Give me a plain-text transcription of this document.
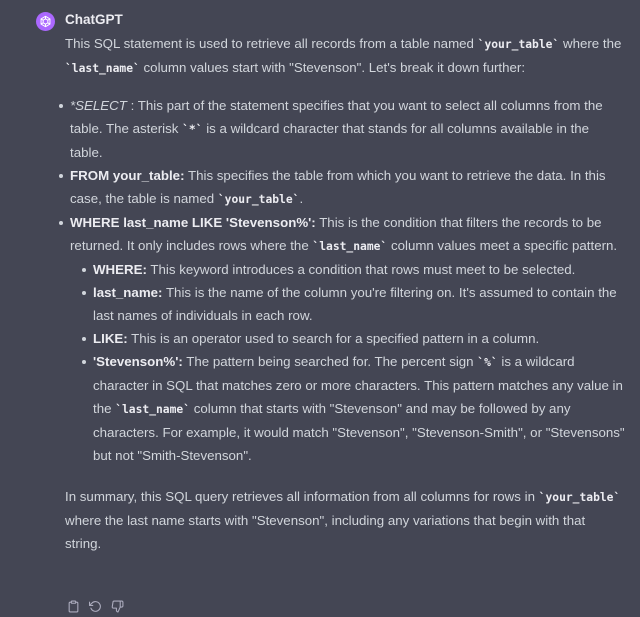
ChatGPT

This SQL statement is used to retrieve all records from a table named `your_table` where the `last_name` column values start with "Stevenson". Let's break it down further:

*SELECT : This part of the statement specifies that you want to select all columns from the table. The asterisk `*` is a wildcard character that stands for all columns available in the table.
FROM your_table: This specifies the table from which you want to retrieve the data. In this case, the table is named `your_table`.
WHERE last_name LIKE 'Stevenson%': This is the condition that filters the records to be returned. It only includes rows where the `last_name` column values meet a specific pattern.
WHERE: This keyword introduces a condition that rows must meet to be selected.
last_name: This is the name of the column you're filtering on. It's assumed to contain the last names of individuals in each row.
LIKE: This is an operator used to search for a specified pattern in a column.
'Stevenson%': The pattern being searched for. The percent sign `%` is a wildcard character in SQL that matches zero or more characters. This pattern matches any value in the `last_name` column that starts with "Stevenson" and may be followed by any characters. For example, it would match "Stevenson", "Stevenson-Smith", or "Stevensons" but not "Smith-Stevenson".

In summary, this SQL query retrieves all information from all columns for rows in `your_table` where the last name starts with "Stevenson", including any variations that begin with that string.
